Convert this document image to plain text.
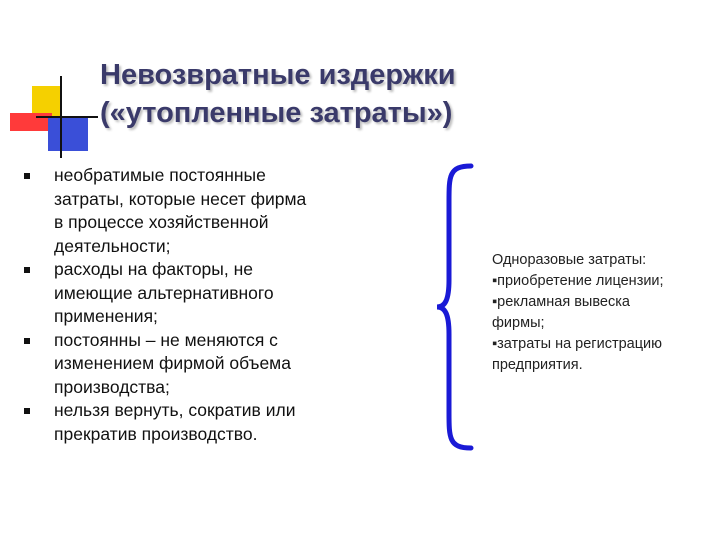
Невозвратные издержки
(«утопленные затраты»)
необратимые постоянные
затраты, которые несет фирма
в процессе хозяйственной
деятельности;
расходы на факторы, не
имеющие альтернативного
применения;
постоянны – не меняются с
изменением фирмой объема
производства;
нельзя вернуть, сократив или
прекратив производство.
Одноразовые затраты:
▪приобретение лицензии;
▪рекламная вывеска
фирмы;
▪затраты на регистрацию
предприятия.
